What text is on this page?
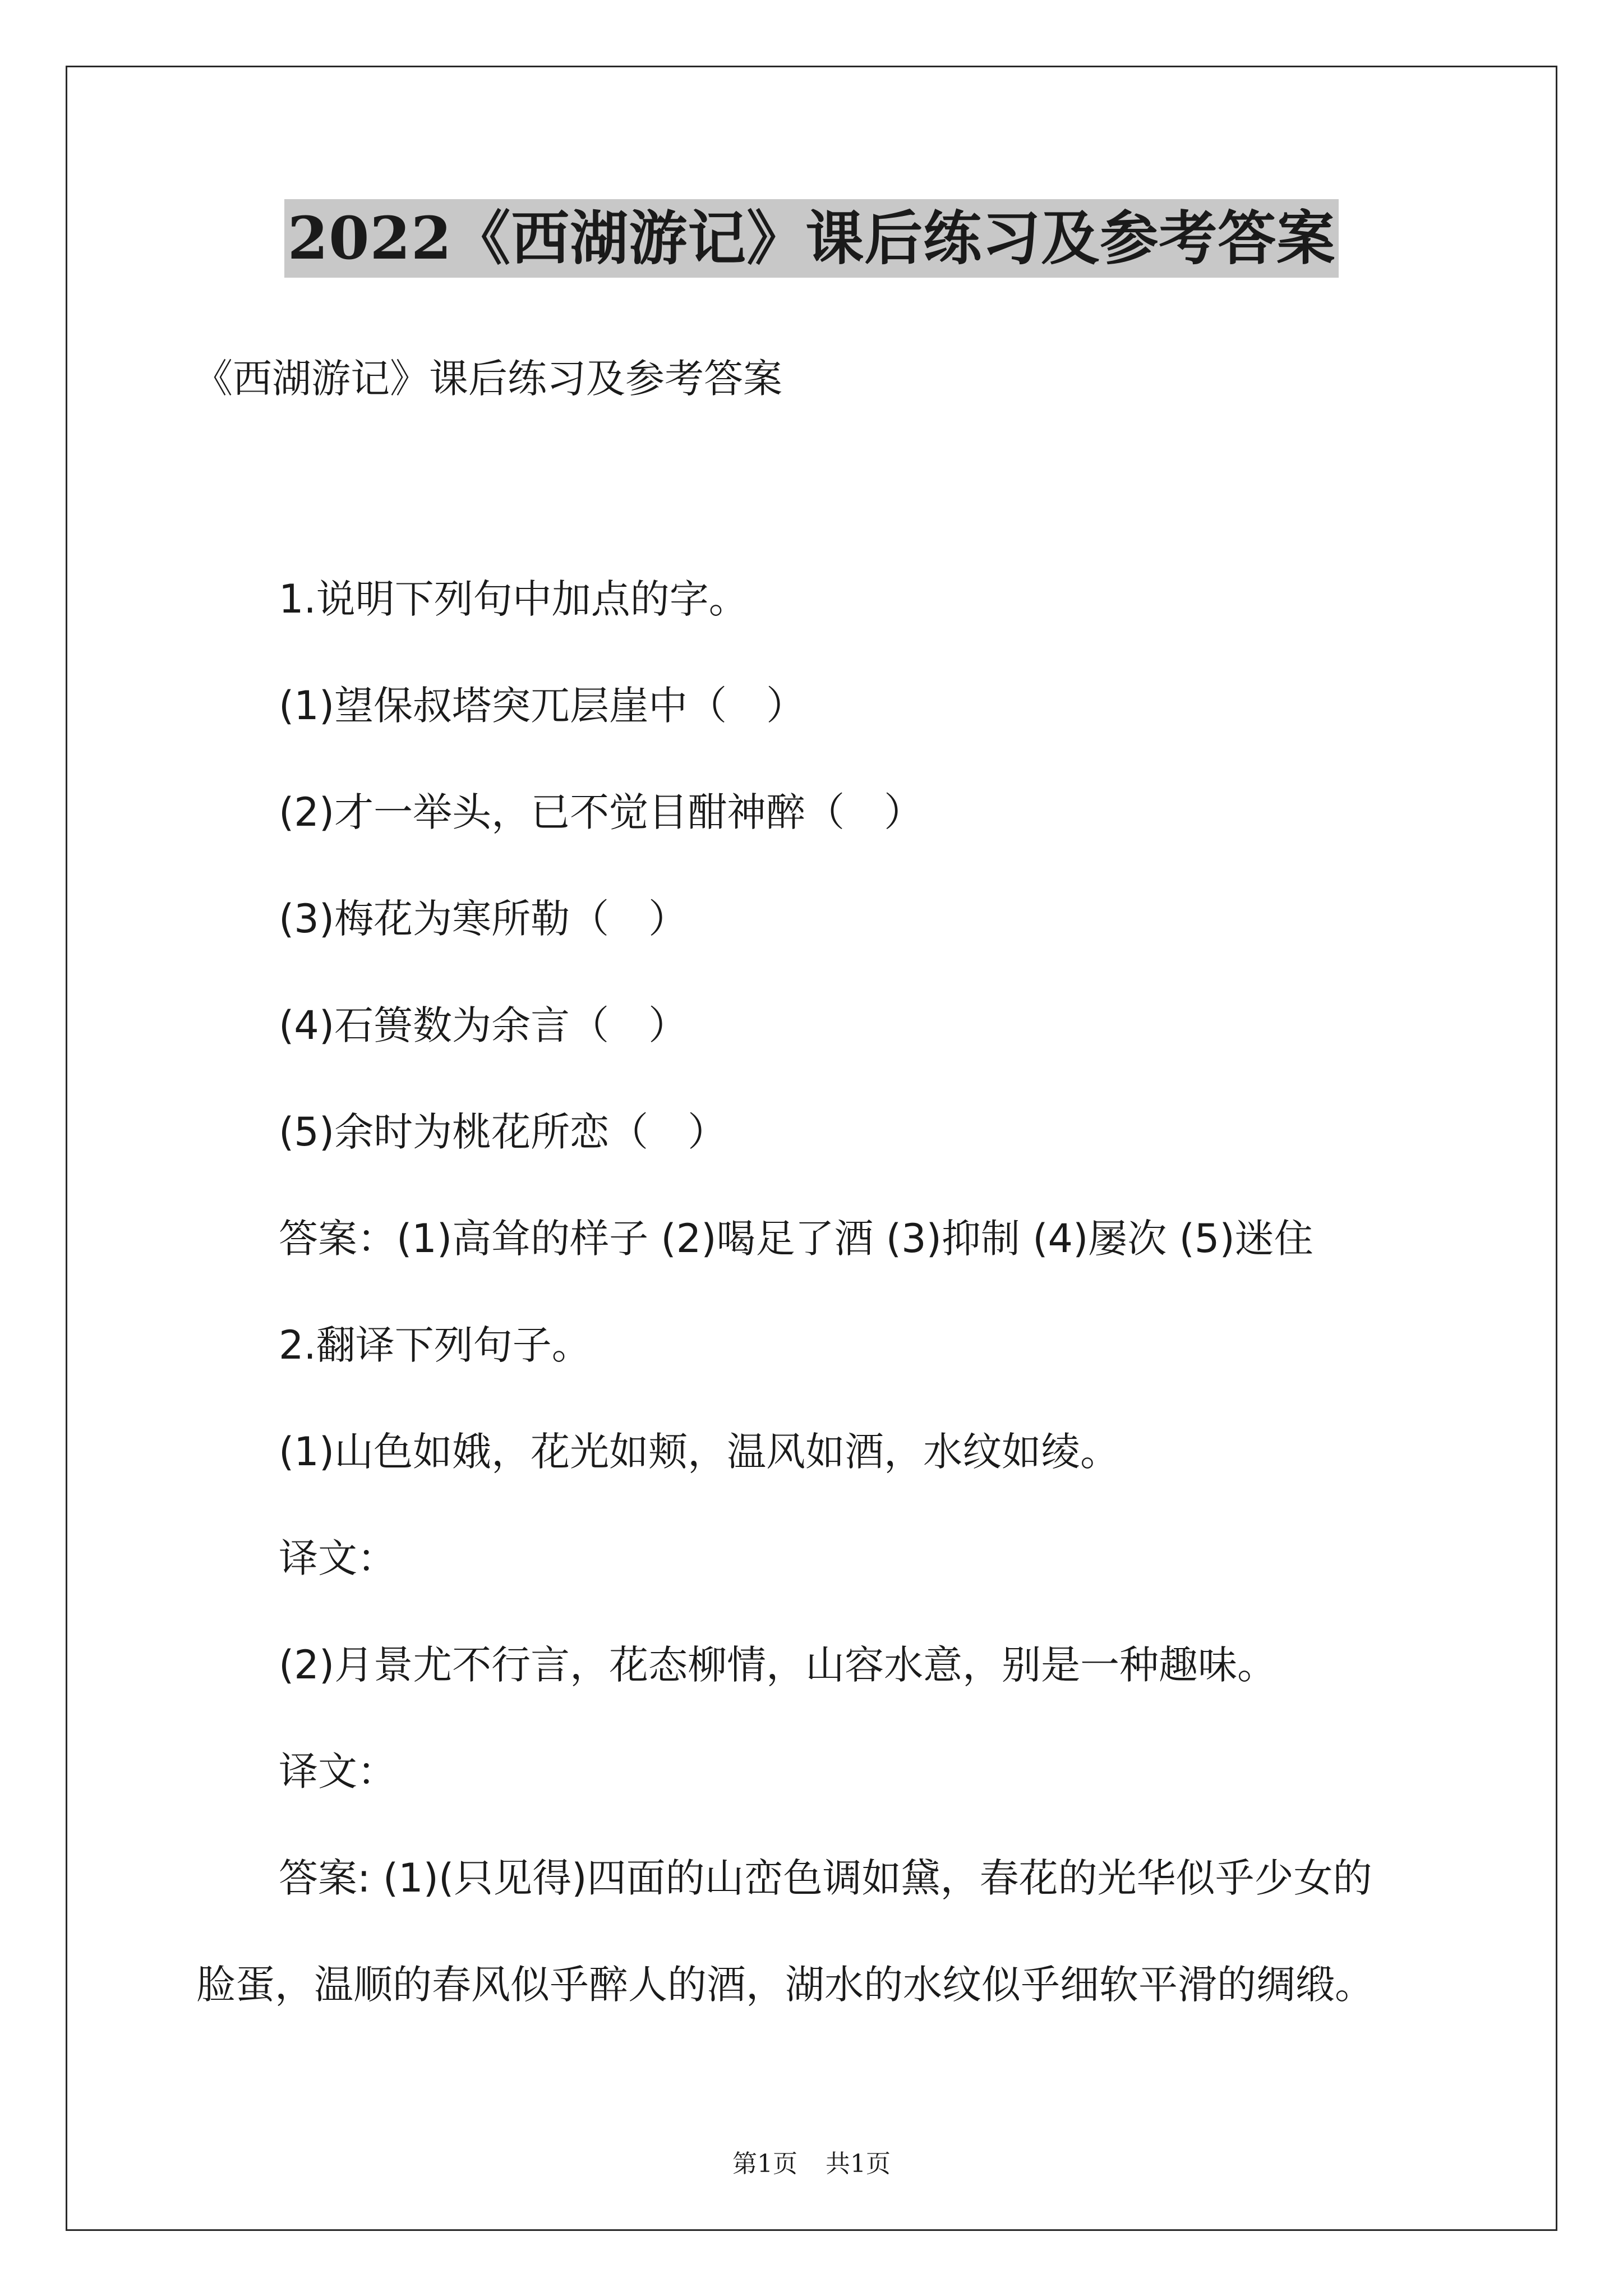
2022《西湖游记》课后练习及参考答案
《西湖游记》课后练习及参考答案
1.说明下列句中加点的字。
(1)望保叔塔突兀层崖中（　）
(2)才一举头，已不觉目酣神醉（　）
(3)梅花为寒所勒（　）
(4)石篑数为余言（　）
(5)余时为桃花所恋（　）
答案：(1)高耸的样子 (2)喝足了酒 (3)抑制 (4)屡次 (5)迷住
2.翻译下列句子。
(1)山色如娥，花光如颊，温风如酒，水纹如绫。
译文：
(2)月景尤不行言，花态柳情，山容水意，别是一种趣味。
译文：
答案: (1)(只见得)四面的山峦色调如黛，春花的光华似乎少女的
脸蛋，温顺的春风似乎醉人的酒，湖水的水纹似乎细软平滑的绸缎。
第1页 共1页
